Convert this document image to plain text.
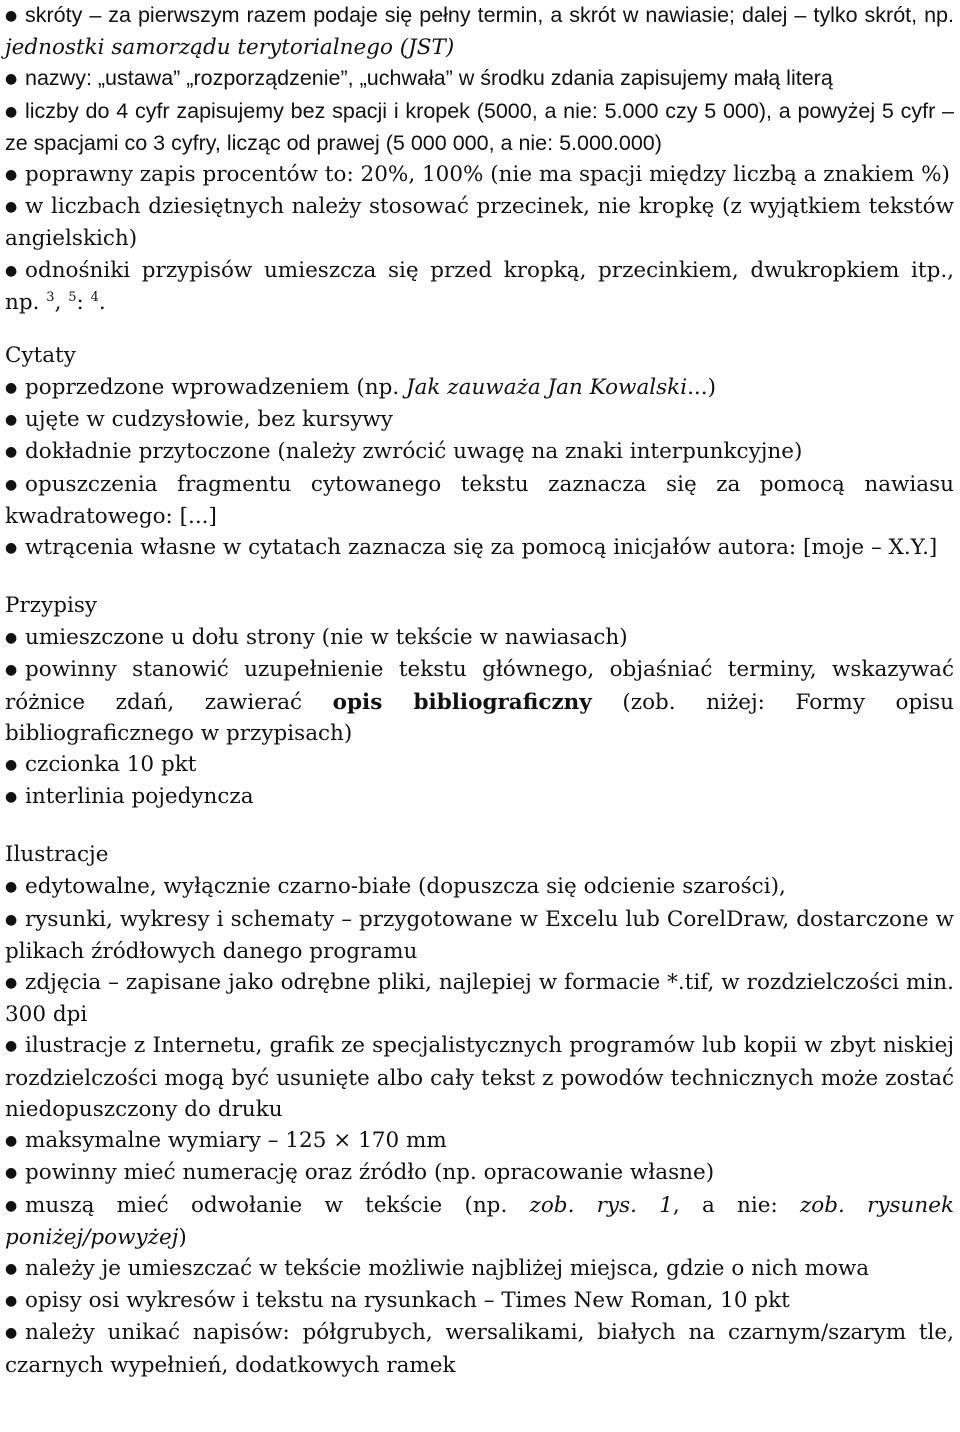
● skróty – za pierwszym razem podaje się pełny termin, a skrót w nawiasie; dalej – tylko skrót, np. jednostki samorządu terytorialnego (JST)

● nazwy: „ustawa” „rozporządzenie”, „uchwała” w środku zdania zapisujemy małą literą

● liczby do 4 cyfr zapisujemy bez spacji i kropek (5000, a nie: 5.000 czy 5 000), a powyżej 5 cyfr – ze spacjami co 3 cyfry, licząc od prawej (5 000 000, a nie: 5.000.000)

● poprawny zapis procentów to: 20%, 100% (nie ma spacji między liczbą a znakiem %)

● w liczbach dziesiętnych należy stosować przecinek, nie kropkę (z wyjątkiem tekstów angielskich)

● odnośniki przypisów umieszcza się przed kropką, przecinkiem, dwukropkiem itp., np. $^3$, $^5$: $^4$.

Cytaty

● poprzedzone wprowadzeniem (np. Jak zauważa Jan Kowalski...)

● ujęte w cudzysłowie, bez kursywy

● dokładnie przytoczone (należy zwrócić uwagę na znaki interpunkcyjne)

● opuszczenia fragmentu cytowanego tekstu zaznacza się za pomocą nawiasu kwadratowego: [...]

● wtrącenia własne w cytatach zaznacza się za pomocą inicjałów autora: [moje – X.Y.]

Przypisy

● umieszczone u dołu strony (nie w tekście w nawiasach)

● powinny stanowić uzupełnienie tekstu głównego, objaśniać terminy, wskazywać różnice zdań, zawierać opis bibliograficzny (zob. niżej: Formy opisu bibliograficznego w przypisach)

● czcionka 10 pkt

● interlinia pojedyncza

Ilustracje

● edytowalne, wyłącznie czarno-białe (dopuszcza się odcienie szarości),

● rysunki, wykresy i schematy – przygotowane w Excelu lub CorelDraw, dostarczone w plikach źródłowych danego programu

● zdjęcia – zapisane jako odrębne pliki, najlepiej w formacie *.tif, w rozdzielczości min. 300 dpi

● ilustracje z Internetu, grafik ze specjalistycznych programów lub kopii w zbyt niskiej rozdzielczości mogą być usunięte albo cały tekst z powodów technicznych może zostać niedopuszczony do druku

● maksymalne wymiary – 125 × 170 mm

● powinny mieć numerację oraz źródło (np. opracowanie własne)

● muszą mieć odwołanie w tekście (np. zob. rys. 1, a nie: zob. rysunek poniżej/powyżej)

● należy je umieszczać w tekście możliwie najbliżej miejsca, gdzie o nich mowa

● opisy osi wykresów i tekstu na rysunkach – Times New Roman, 10 pkt

● należy unikać napisów: półgrubych, wersalikami, białych na czarnym/szarym tle, czarnych wypełnień, dodatkowych ramek
